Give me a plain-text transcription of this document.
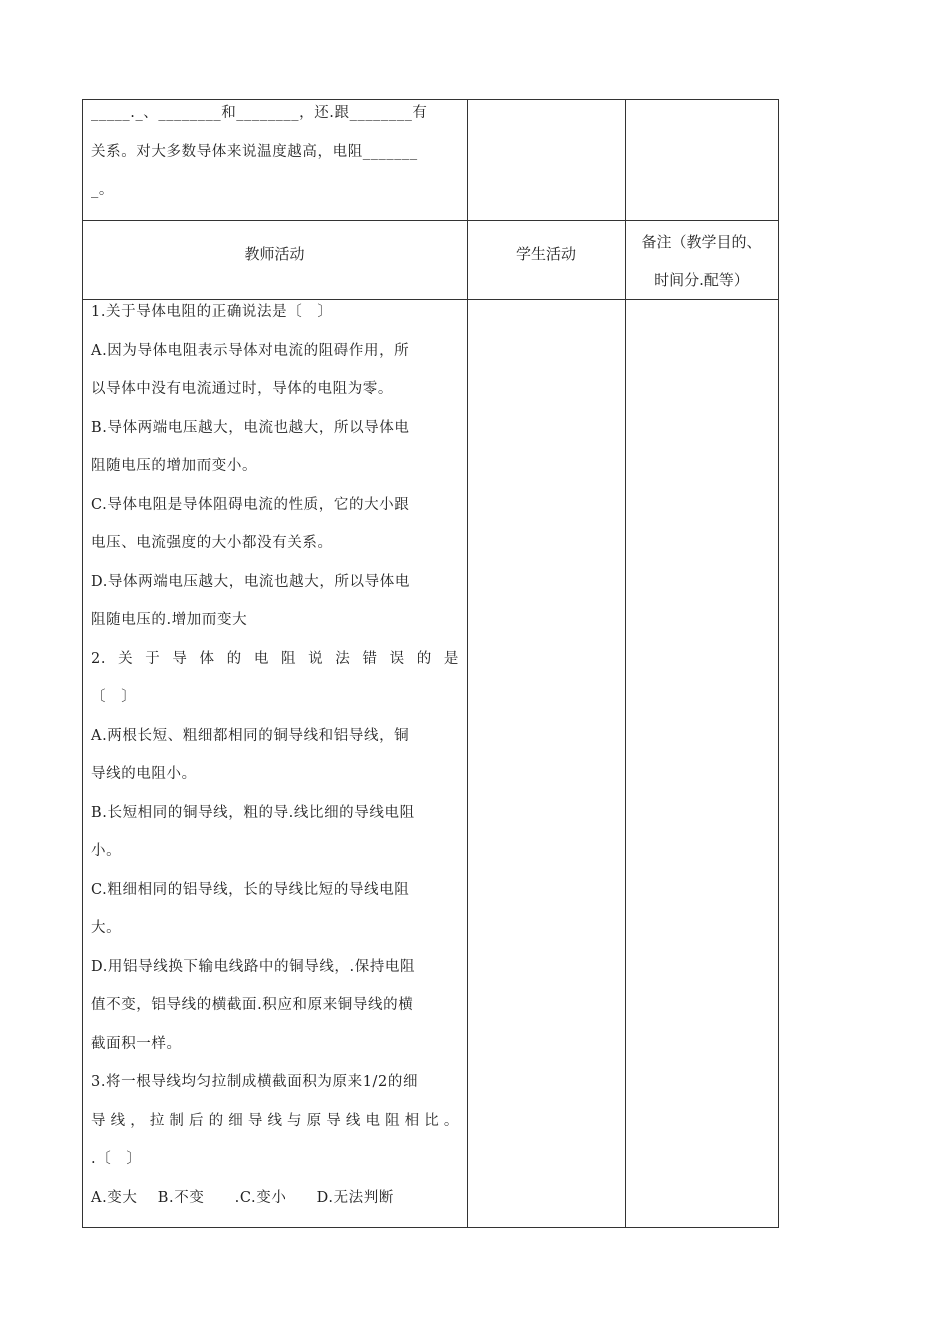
_____._、________和________，还.跟________有

关系。对大多数导体来说温度越高，电阻_______

_。

教师活动	学生活动
备注（教学目的、
时间分.配等）

1.关于导体电阻的正确说法是〔　〕

A.因为导体电阻表示导体对电流的阻碍作用，所

以导体中没有电流通过时，导体的电阻为零。

B.导体两端电压越大，电流也越大，所以导体电

阻随电压的增加而变小。

C.导体电阻是导体阻碍电流的性质，它的大小跟

电压、电流强度的大小都没有关系。

D.导体两端电压越大，电流也越大，所以导体电

阻随电压的.增加而变大

2.关于导体的电阻说法错误的是

〔　〕

A.两根长短、粗细都相同的铜导线和铝导线，铜

导线的电阻小。

B.长短相同的铜导线，粗的导.线比细的导线电阻

小。

C.粗细相同的铝导线，长的导线比短的导线电阻

大。

D.用铝导线换下输电线路中的铜导线，.保持电阻

值不变，铝导线的横截面.积应和原来铜导线的横

截面积一样。

3.将一根导线均匀拉制成横截面积为原来1/2的细

导线，拉制后的细导线与原导线电阻相比。

.〔　〕

A.变大　 B.不变　　.C.变小　　D.无法判断
